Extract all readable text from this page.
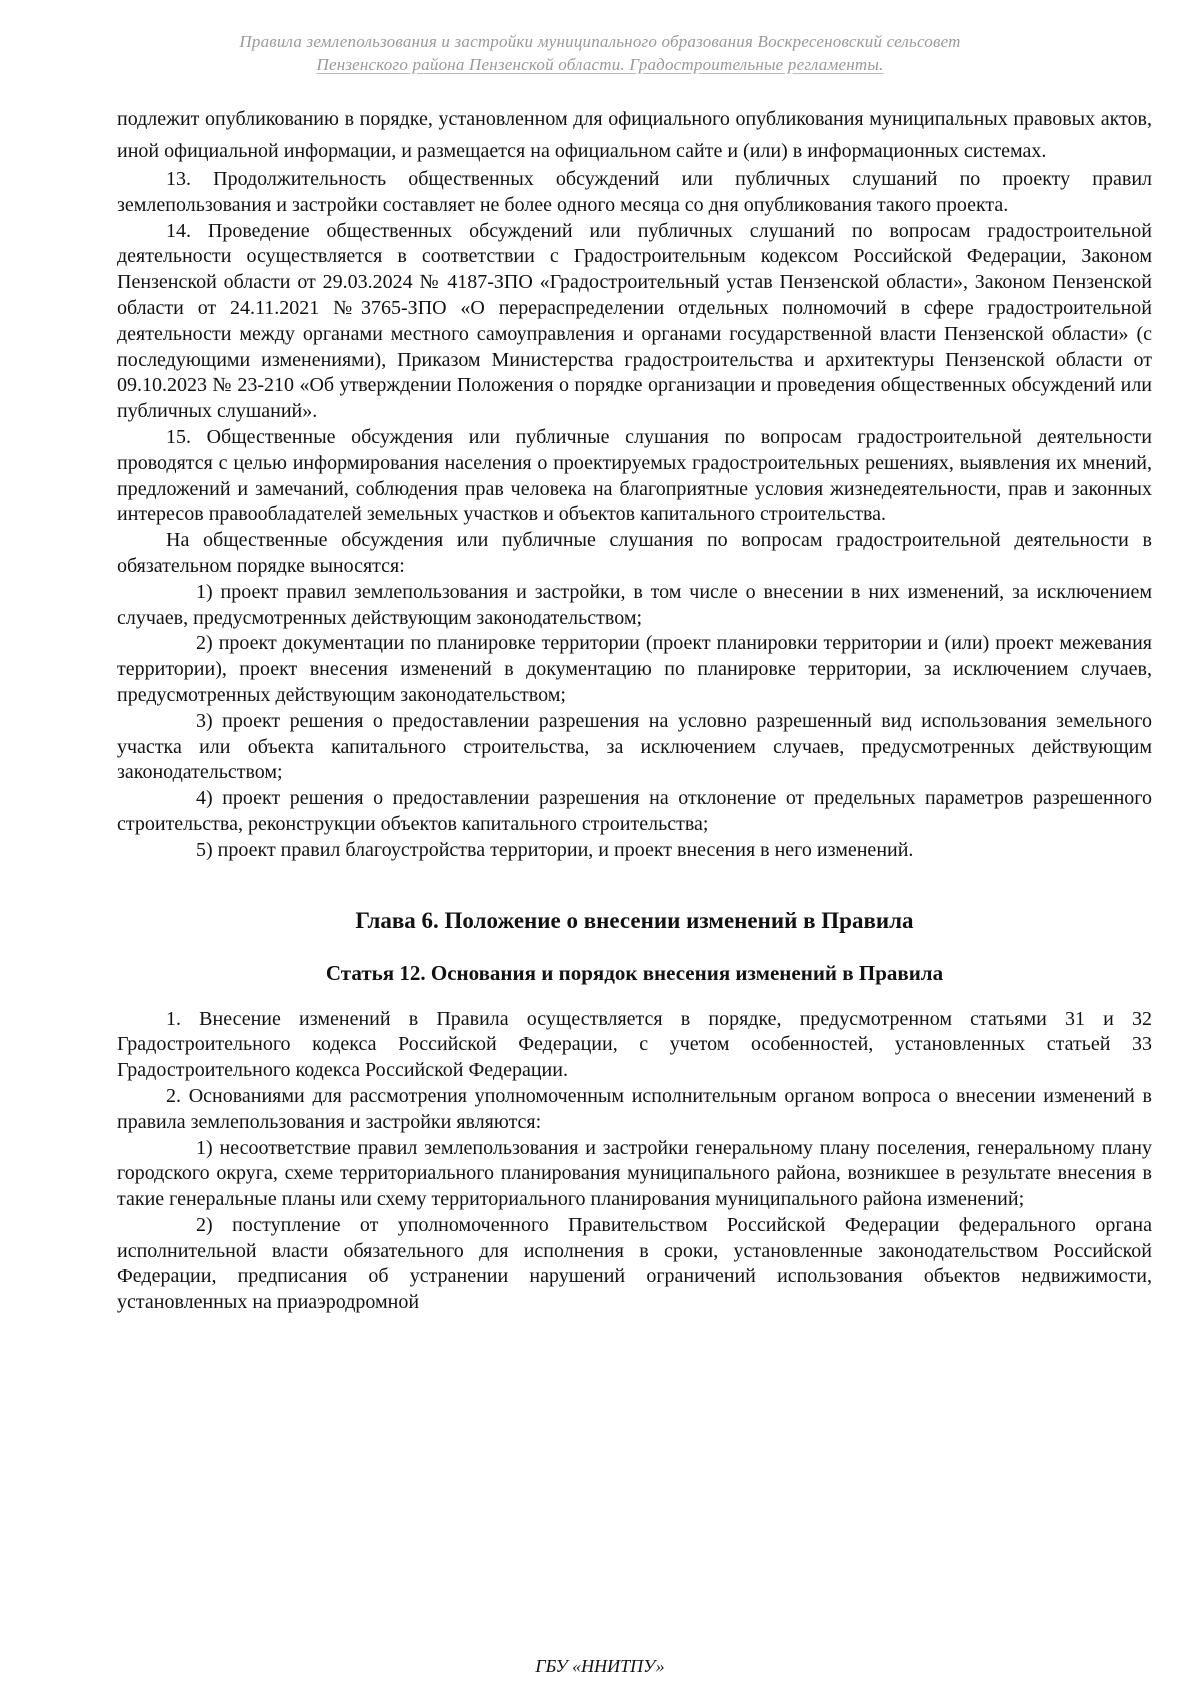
Правила землепользования и застройки муниципального образования Воскресеновский сельсовет
Пензенского района Пензенской области. Градостроительные регламенты.

подлежит опубликованию в порядке, установленном для официального опубликования муниципальных правовых актов, иной официальной информации, и размещается на официальном сайте и (или) в информационных системах.

13. Продолжительность общественных обсуждений или публичных слушаний по проекту правил землепользования и застройки составляет не более одного месяца со дня опубликования такого проекта.

14. Проведение общественных обсуждений или публичных слушаний по вопросам градостроительной деятельности осуществляется в соответствии с Градостроительным кодексом Российской Федерации, Законом Пензенской области от 29.03.2024 № 4187-ЗПО «Градостроительный устав Пензенской области», Законом Пензенской области от 24.11.2021 №3765-ЗПО «О перераспределении отдельных полномочий в сфере градостроительной деятельности между органами местного самоуправления и органами государственной власти Пензенской области» (с последующими изменениями), Приказом Министерства градостроительства и архитектуры Пензенской области от 09.10.2023 № 23-210 «Об утверждении Положения о порядке организации и проведения общественных обсуждений или публичных слушаний».

15. Общественные обсуждения или публичные слушания по вопросам градостроительной деятельности проводятся с целью информирования населения о проектируемых градостроительных решениях, выявления их мнений, предложений и замечаний, соблюдения прав человека на благоприятные условия жизнедеятельности, прав и законных интересов правообладателей земельных участков и объектов капитального строительства.

На общественные обсуждения или публичные слушания по вопросам градостроительной деятельности в обязательном порядке выносятся:

1) проект правил землепользования и застройки, в том числе о внесении в них изменений, за исключением случаев, предусмотренных действующим законодательством;

2) проект документации по планировке территории (проект планировки территории и (или) проект межевания территории), проект внесения изменений в документацию по планировке территории, за исключением случаев, предусмотренных действующим законодательством;

3) проект решения о предоставлении разрешения на условно разрешенный вид использования земельного участка или объекта капитального строительства, за исключением случаев, предусмотренных действующим законодательством;

4) проект решения о предоставлении разрешения на отклонение от предельных параметров разрешенного строительства, реконструкции объектов капитального строительства;

5) проект правил благоустройства территории, и проект внесения в него изменений.

Глава 6. Положение о внесении изменений в Правила
Статья 12. Основания и порядок внесения изменений в Правила

1. Внесение изменений в Правила осуществляется в порядке, предусмотренном статьями 31 и 32 Градостроительного кодекса Российской Федерации, с учетом особенностей, установленных статьей 33 Градостроительного кодекса Российской Федерации.

2. Основаниями для рассмотрения уполномоченным исполнительным органом вопроса о внесении изменений в правила землепользования и застройки являются:

1) несоответствие правил землепользования и застройки генеральному плану поселения, генеральному плану городского округа, схеме территориального планирования муниципального района, возникшее в результате внесения в такие генеральные планы или схему территориального планирования муниципального района изменений;

2) поступление от уполномоченного Правительством Российской Федерации федерального органа исполнительной власти обязательного для исполнения в сроки, установленные законодательством Российской Федерации, предписания об устранении нарушений ограничений использования объектов недвижимости, установленных на приаэродромной

ГБУ «ННИТПУ»
